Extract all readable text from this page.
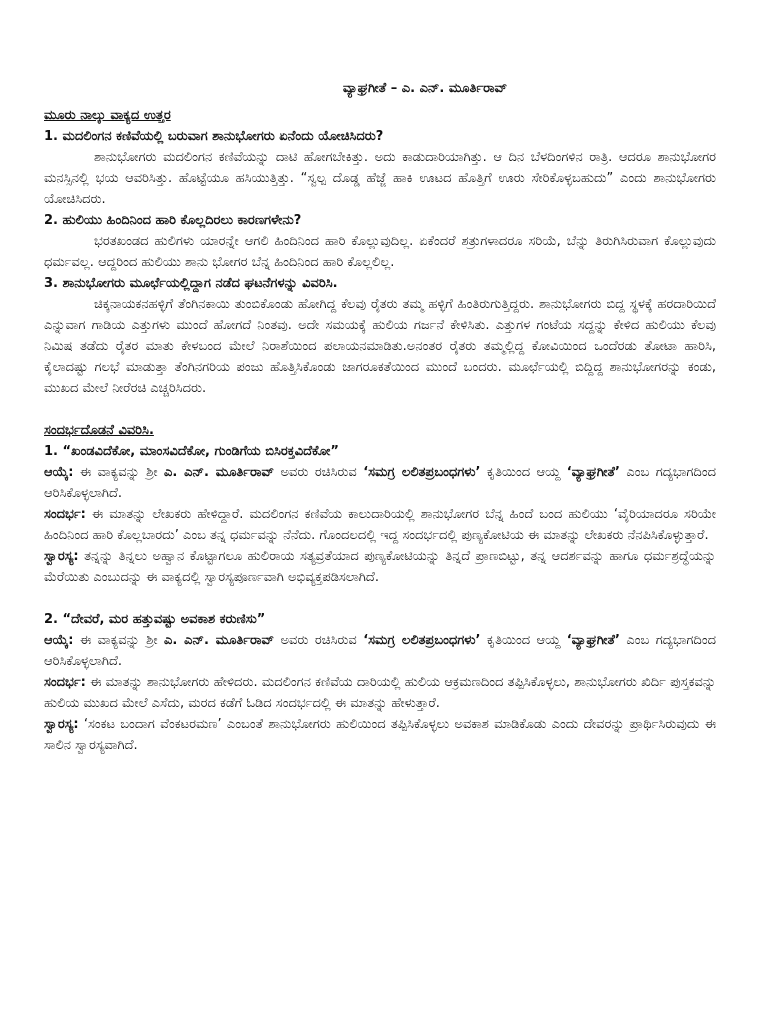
ವ್ಯಾಘ್ರಗೀತೆ – ಎ. ಎನ್. ಮೂರ್ತಿರಾವ್
ಮೂರು ನಾಲ್ಕು ವಾಕ್ಯದ ಉತ್ತರ
1. ಮದಲಿಂಗನ ಕಣಿವೆಯಲ್ಲಿ ಬರುವಾಗ ಶಾನುಭೋಗರು ಏನೆಂದು ಯೋಚಿಸಿದರು?

ಶಾನುಭೋಗರು ಮದಲಿಂಗನ ಕಣಿವೆಯನ್ನು ದಾಟಿ ಹೋಗಬೇಕಿತ್ತು. ಅದು ಕಾಡುದಾರಿಯಾಗಿತ್ತು. ಆ ದಿನ ಬೆಳದಿಂಗಳಿನ ರಾತ್ರಿ. ಆದರೂ ಶಾನುಭೋಗರ ಮನಸ್ಸಿನಲ್ಲಿ ಭಯ ಆವರಿಸಿತ್ತು. ಹೊಟ್ಟೆಯೂ ಹಸಿಯುತ್ತಿತ್ತು. “ಸ್ವಲ್ಪ ದೊಡ್ಡ ಹೆಜ್ಜೆ ಹಾಕಿ ಊಟದ ಹೊತ್ತಿಗೆ ಊರು ಸೇರಿಕೊಳ್ಳಬಹುದು” ಎಂದು ಶಾನುಭೋಗರು ಯೋಚಿಸಿದರು.

2. ಹುಲಿಯು ಹಿಂದಿನಿಂದ ಹಾರಿ ಕೊಲ್ಲದಿರಲು ಕಾರಣಗಳೇನು?

ಭರತಖಂಡದ ಹುಲಿಗಳು ಯಾರನ್ನೇ ಆಗಲಿ ಹಿಂದಿನಿಂದ ಹಾರಿ ಕೊಲ್ಲುವುದಿಲ್ಲ. ಏಕೆಂದರೆ ಶತ್ರುಗಳಾದರೂ ಸರಿಯೆ, ಬೆನ್ನು ತಿರುಗಿಸಿರುವಾಗ ಕೊಲ್ಲುವುದು ಧರ್ಮವಲ್ಲ. ಆದ್ದರಿಂದ ಹುಲಿಯು ಶಾನು ಭೋಗರ ಬೆನ್ನ ಹಿಂದಿನಿಂದ ಹಾರಿ ಕೊಲ್ಲಲಿಲ್ಲ.

3. ಶಾನುಭೋಗರು ಮೂರ್ಛೆಯಲ್ಲಿದ್ದಾಗ ನಡೆದ ಘಟನೆಗಳನ್ನು ವಿವರಿಸಿ.

ಚಿಕ್ಕನಾಯಕನಹಳ್ಳಿಗೆ ತೆಂಗಿನಕಾಯಿ ತುಂಬಿಕೊಂಡು ಹೋಗಿದ್ದ ಕೆಲವು ರೈತರು ತಮ್ಮ ಹಳ್ಳಿಗೆ ಹಿಂತಿರುಗುತ್ತಿದ್ದರು. ಶಾನುಭೋಗರು ಬಿದ್ದ ಸ್ಥಳಕ್ಕೆ ಹರದಾರಿಯಿದೆ ಎನ್ನುವಾಗ ಗಾಡಿಯ ಎತ್ತುಗಳು ಮುಂದೆ ಹೋಗದೆ ನಿಂತವು. ಅದೇ ಸಮಯಕ್ಕೆ ಹುಲಿಯ ಗರ್ಜನೆ ಕೇಳಿಸಿತು. ಎತ್ತುಗಳ ಗಂಟೆಯ ಸದ್ದನ್ನು ಕೇಳಿದ ಹುಲಿಯು ಕೆಲವು ನಿಮಿಷ ತಡೆದು ರೈತರ ಮಾತು ಕೇಳಬಂದ ಮೇಲೆ ನಿರಾಶೆಯಿಂದ ಪಲಾಯನಮಾಡಿತು.ಅನಂತರ ರೈತರು ತಮ್ಮಲ್ಲಿದ್ದ ಕೋವಿಯಿಂದ ಒಂದೆರಡು ತೋಟಾ ಹಾರಿಸಿ, ಕೈಲಾದಷ್ಟು ಗಲಭೆ ಮಾಡುತ್ತಾ ತೆಂಗಿನಗರಿಯ ಪಂಜು ಹೊತ್ತಿಸಿಕೊಂಡು ಜಾಗರೂಕತೆಯಿಂದ ಮುಂದೆ ಬಂದರು. ಮೂರ್ಛೆಯಲ್ಲಿ ಬಿದ್ದಿದ್ದ ಶಾನುಭೋಗರನ್ನು ಕಂಡು, ಮುಖದ ಮೇಲೆ ನೀರೆರಚಿ ಎಚ್ಚರಿಸಿದರು.

ಸಂದರ್ಭದೊಡನೆ ವಿವರಿಸಿ.
1. “ಖಂಡವಿದೆಕೋ, ಮಾಂಸವಿದೆಕೋ, ಗುಂಡಿಗೆಯ ಬಿಸಿರಕ್ತವಿದೆಕೋ”

ಆಯ್ಕೆ: ಈ ವಾಕ್ಯವನ್ನು ಶ್ರೀ ಎ. ಎನ್. ಮೂರ್ತಿರಾವ್ ಅವರು ರಚಿಸಿರುವ ‘ಸಮಗ್ರ ಲಲಿತಪ್ರಬಂಧಗಳು’ ಕೃತಿಯಿಂದ ಆಯ್ದ ‘ವ್ಯಾಘ್ರಗೀತೆ’ ಎಂಬ ಗದ್ಯಭಾಗದಿಂದ ಆರಿಸಿಕೊಳ್ಳಲಾಗಿದೆ.

ಸಂದರ್ಭ: ಈ ಮಾತನ್ನು ಲೇಖಕರು ಹೇಳಿದ್ದಾರೆ. ಮದಲಿಂಗನ ಕಣಿವೆಯ ಕಾಲುದಾರಿಯಲ್ಲಿ ಶಾನುಭೋಗರ ಬೆನ್ನ ಹಿಂದೆ ಬಂದ ಹುಲಿಯು ‘ವೈರಿಯಾದರೂ ಸರಿಯೇ ಹಿಂದಿನಿಂದ ಹಾರಿ ಕೊಲ್ಲಬಾರದು’ ಎಂಬ ತನ್ನ ಧರ್ಮವನ್ನು ನೆನೆದು. ಗೊಂದಲದಲ್ಲಿ ಇದ್ದ ಸಂದರ್ಭದಲ್ಲಿ ಪುಣ್ಯಕೋಟಿಯ ಈ ಮಾತನ್ನು ಲೇಖಕರು ನೆನಪಿಸಿಕೊಳ್ಳುತ್ತಾರೆ.

ಸ್ವಾರಸ್ಯ: ತನ್ನನ್ನು ತಿನ್ನಲು ಅಹ್ವಾನ ಕೊಟ್ಟಾಗಲೂ ಹುಲಿರಾಯ ಸತ್ಯವ್ರತೆಯಾದ ಪುಣ್ಯಕೋಟಿಯನ್ನು ತಿನ್ನದೆ ಪ್ರಾಣಬಿಟ್ಟು, ತನ್ನ ಆದರ್ಶವನ್ನು ಹಾಗೂ ಧರ್ಮಶ್ರದ್ಧೆಯನ್ನು ಮೆರೆಯಿತು ಎಂಬುದನ್ನು ಈ ವಾಕ್ಯದಲ್ಲಿ ಸ್ವಾರಸ್ಯಪೂರ್ಣವಾಗಿ ಅಭಿವ್ಯಕ್ತಪಡಿಸಲಾಗಿದೆ.

2. “ದೇವರೆ, ಮರ ಹತ್ತುವಷ್ಟು ಅವಕಾಶ ಕರುಣಿಸು”

ಆಯ್ಕೆ: ಈ ವಾಕ್ಯವನ್ನು ಶ್ರೀ ಎ. ಎನ್. ಮೂರ್ತಿರಾವ್ ಅವರು ರಚಿಸಿರುವ ‘ಸಮಗ್ರ ಲಲಿತಪ್ರಬಂಧಗಳು’ ಕೃತಿಯಿಂದ ಆಯ್ದ ‘ವ್ಯಾಘ್ರಗೀತೆ’ ಎಂಬ ಗದ್ಯಭಾಗದಿಂದ ಆರಿಸಿಕೊಳ್ಳಲಾಗಿದೆ.

ಸಂದರ್ಭ: ಈ ಮಾತನ್ನು ಶಾನುಭೋಗರು ಹೇಳಿದರು. ಮದಲಿಂಗನ ಕಣಿವೆಯ ದಾರಿಯಲ್ಲಿ ಹುಲಿಯ ಆಕ್ರಮಣದಿಂದ ತಪ್ಪಿಸಿಕೊಳ್ಳಲು, ಶಾನುಭೋಗರು ಖಿರ್ದಿ ಪುಸ್ತಕವನ್ನು ಹುಲಿಯ ಮುಖದ ಮೇಲೆ ಎಸೆದು, ಮರದ ಕಡೆಗೆ ಓಡಿದ ಸಂದರ್ಭದಲ್ಲಿ ಈ ಮಾತನ್ನು ಹೇಳುತ್ತಾರೆ.

ಸ್ವಾರಸ್ಯ: ‘ಸಂಕಟ ಬಂದಾಗ ವೆಂಕಟರಮಣ’ ಎಂಬಂತೆ ಶಾನುಭೋಗರು ಹುಲಿಯಿಂದ ತಪ್ಪಿಸಿಕೊಳ್ಳಲು ಅವಕಾಶ ಮಾಡಿಕೊಡು ಎಂದು ದೇವರನ್ನು ಪ್ರಾರ್ಥಿಸಿರುವುದು ಈ ಸಾಲಿನ ಸ್ವಾರಸ್ಯವಾಗಿದೆ.
